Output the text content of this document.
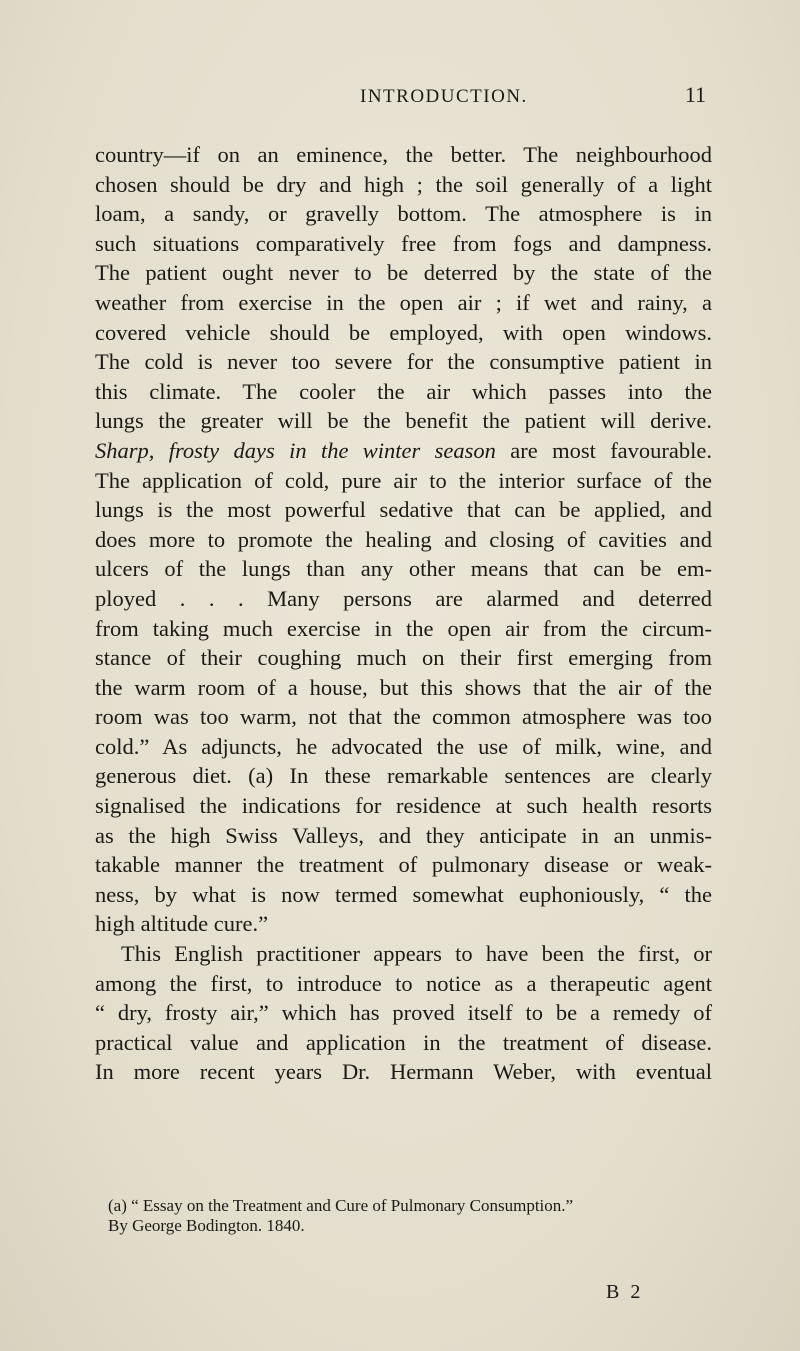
INTRODUCTION.	11
country—if on an eminence, the better. The neighbourhood
chosen should be dry and high ; the soil generally of a light
loam, a sandy, or gravelly bottom. The atmosphere is in
such situations comparatively free from fogs and dampness.
The patient ought never to be deterred by the state of the
weather from exercise in the open air ; if wet and rainy, a
covered vehicle should be employed, with open windows.
The cold is never too severe for the consumptive patient in
this climate. The cooler the air which passes into the
lungs the greater will be the benefit the patient will derive.
Sharp, frosty days in the winter season are most favourable.
The application of cold, pure air to the interior surface of the
lungs is the most powerful sedative that can be applied, and
does more to promote the healing and closing of cavities and
ulcers of the lungs than any other means that can be em-
ployed . . . Many persons are alarmed and deterred
from taking much exercise in the open air from the circum-
stance of their coughing much on their first emerging from
the warm room of a house, but this shows that the air of the
room was too warm, not that the common atmosphere was too
cold.” As adjuncts, he advocated the use of milk, wine, and
generous diet. (a) In these remarkable sentences are clearly
signalised the indications for residence at such health resorts
as the high Swiss Valleys, and they anticipate in an unmis-
takable manner the treatment of pulmonary disease or weak-
ness, by what is now termed somewhat euphoniously, “ the
high altitude cure.”
This English practitioner appears to have been the first, or
among the first, to introduce to notice as a therapeutic agent
“ dry, frosty air,” which has proved itself to be a remedy of
practical value and application in the treatment of disease.
In more recent years Dr. Hermann Weber, with eventual
(a) “ Essay on the Treatment and Cure of Pulmonary Consumption.”
By George Bodington. 1840.
B 2
